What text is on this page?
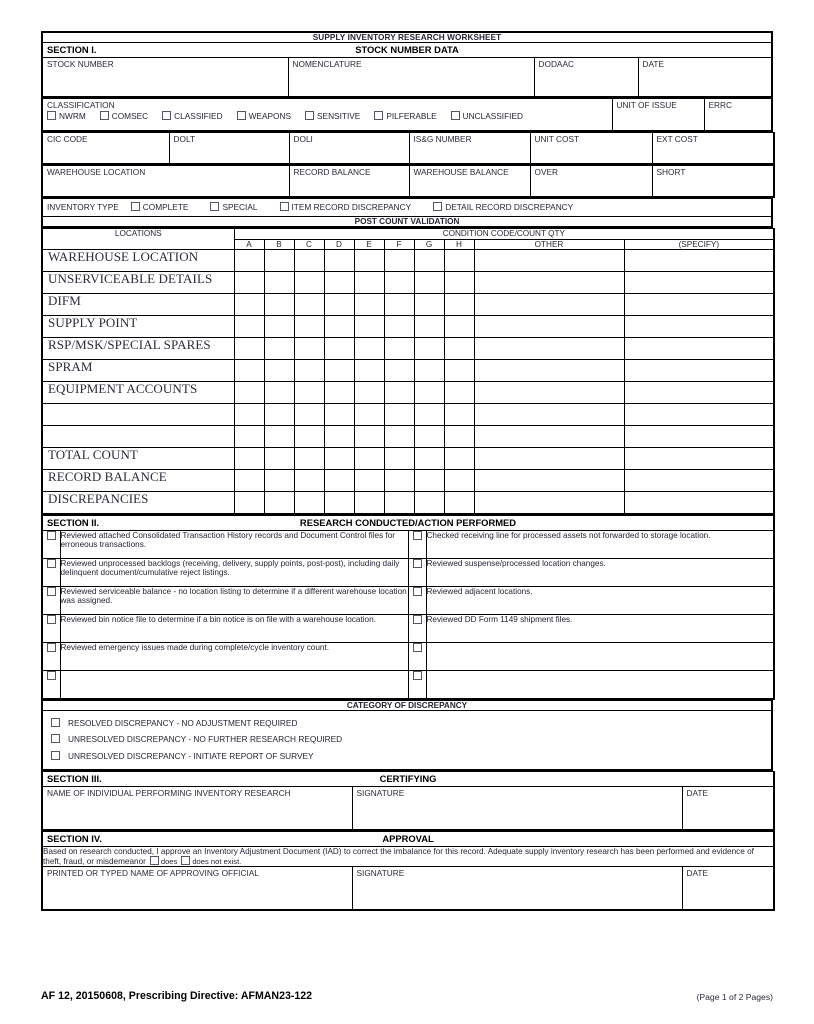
SUPPLY INVENTORY RESEARCH WORKSHEET

SECTION I.	STOCK NUMBER DATA

STOCK NUMBER	NOMENCLATURE	DODAAC	DATE
CLASSIFICATION
NWRM	COMSEC	CLASSIFIED	WEAPONS	SENSITIVE	PILFERABLE	UNCLASSIFIED

UNIT OF ISSUE	ERRC
CIC CODE	DOLT	DOLI	IS&G NUMBER	UNIT COST	EXT COST
WAREHOUSE LOCATION	RECORD BALANCE	WAREHOUSE BALANCE	OVER	SHORT
INVENTORY TYPE	COMPLETE	SPECIAL	ITEM RECORD DISCREPANCY	DETAIL RECORD DISCREPANCY

POST COUNT VALIDATION
LOCATIONS	CONDITION CODE/COUNT QTY									
	A	B	C	D	E	F	G	H	OTHER	(SPECIFY)
WAREHOUSE LOCATION										
UNSERVICEABLE DETAILS										
DIFM										
SUPPLY POINT										
RSP/MSK/SPECIAL SPARES										
SPRAM										
EQUIPMENT ACCOUNTS										

TOTAL COUNT										
RECORD BALANCE										
DISCREPANCIES										
SECTION II. RESEARCH CONDUCTED/ACTION PERFORMED			

	Reviewed attached Consolidated Transaction History records and Document Control files for erroneous transactions.		Checked receiving line for processed assets not forwarded to storage location.
	Reviewed unprocessed backlogs (receiving, delivery, supply points, post-post), including daily delinquent document/cumulative reject listings.		Reviewed suspense/processed location changes.
	Reviewed serviceable balance - no location listing to determine if a different warehouse location was assigned.		Reviewed adjacent locations.
	Reviewed bin notice file to determine if a bin notice is on file with a warehouse location.		Reviewed DD Form 1149 shipment files.
	Reviewed emergency issues made during complete/cycle inventory count.		

CATEGORY OF DISCREPANCY

RESOLVED DISCREPANCY - NO ADJUSTMENT REQUIRED
UNRESOLVED DISCREPANCY - NO FURTHER RESEARCH REQUIRED
UNRESOLVED DISCREPANCY - INITIATE REPORT OF SURVEY
SECTION III.	CERTIFYING

NAME OF INDIVIDUAL PERFORMING INVENTORY RESEARCH	SIGNATURE	DATE
SECTION IV.	APPROVAL

Based on research conducted, I approve an Inventory Adjustment Document (IAD) to correct the imbalance for this record. Adequate supply inventory research has been performed and evidence of theft, fraud, or misdemeanor does does not exist.

PRINTED OR TYPED NAME OF APPROVING OFFICIAL	SIGNATURE	DATE
AF 12, 20150608, Prescribing Directive: AFMAN23-122	(Page 1 of 2 Pages)
